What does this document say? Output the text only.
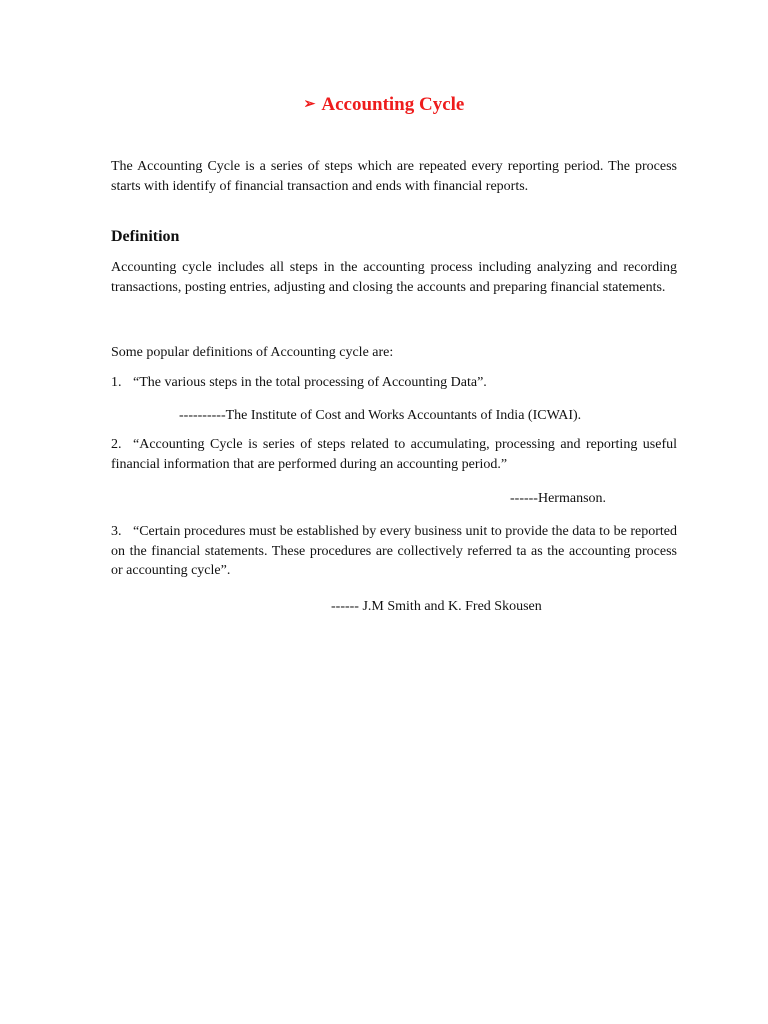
➢ Accounting Cycle

The Accounting Cycle is a series of steps which are repeated every reporting period. The process starts with identify of financial transaction and ends with financial reports.

Definition

Accounting cycle includes all steps in the accounting process including analyzing and recording transactions, posting entries, adjusting and closing the accounts and preparing financial statements.

Some popular definitions of Accounting cycle are:

1. “The various steps in the total processing of Accounting Data”.

----------The Institute of Cost and Works Accountants of India (ICWAI).

2. “Accounting Cycle is series of steps related to accumulating, processing and reporting useful financial information that are performed during an accounting period.”

------Hermanson.

3. “Certain procedures must be established by every business unit to provide the data to be reported on the financial statements. These procedures are collectively referred ta as the accounting process or accounting cycle”.

------ J.M Smith and K. Fred Skousen
